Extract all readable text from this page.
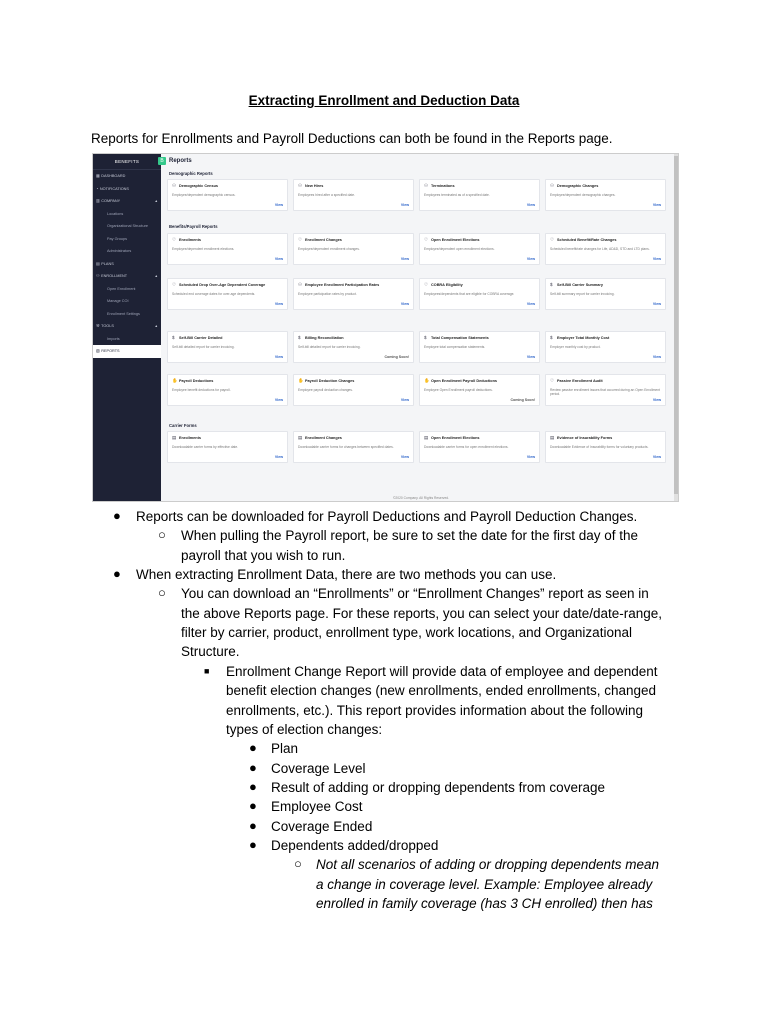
Extracting Enrollment and Deduction Data
Reports for Enrollments and Payroll Deductions can both be found in the Reports page.
BENEFITS
▦ DASHBOARD
◔ NOTIFICATIONS
▥ COMPANY	▲
Locations
Organizational Structure
Pay Groups
Administrators
▤ PLANS
⚇ ENROLLMENT	▲
Open Enrollment
Manage COI
Enrollment Settings
⚒ TOOLS	▲
Imports
▧ REPORTS
B Reports
Demographic Reports
Benefits/Payroll Reports
Carrier Forms
⚇ Demographic Census
Employee/dependent demographic census.
View
⚇ New Hires
Employees hired after a specified date.
View
⚇ Terminations
Employees terminated as of a specified date.
View
⚇ Demographic Changes
Employee/dependent demographic changes.
View
♡ Enrollments
Employee/dependent enrollment elections.
View
♡ Enrollment Changes
Employee/dependent enrollment changes.
View
♡ Open Enrollment Elections
Employee/dependent open enrollment elections.
View
♡ Scheduled Benefit/Rate Changes
Scheduled benefit/rate changes for Life, AD&D, STD and LTD plans.
View
♡ Scheduled Drop Over-Age Dependent Coverage
Scheduled end coverage dates for over-age dependents.
View
⚇ Employee Enrollment Participation Rates
Employee participation rates by product.
View
♡ COBRA Eligibility
Employees/dependents that are eligible for COBRA coverage.
View
$ Self-Bill Carrier Summary
Self-bill summary report for carrier invoicing.
View
$ Self-Bill Carrier Detailed
Self-bill detailed report for carrier invoicing.
View
$ Billing Reconciliation
Self-bill detailed report for carrier invoicing.
Coming Soon!
$ Total Compensation Statements
Employee total compensation statements.
View
$ Employer Total Monthly Cost
Employer monthly cost by product.
View
✋ Payroll Deductions
Employee benefit deductions for payroll.
View
✋ Payroll Deduction Changes
Employee payroll deduction changes.
View
✋ Open Enrollment Payroll Deductions
Employee Open Enrollment payroll deductions.
Coming Soon!
♡ Passive Enrollment Audit
Review passive enrollment issues that occurred during an Open Enrollment period.
View
▤ Enrollments
Downloadable carrier forms by effective date.
View
▤ Enrollment Changes
Downloadable carrier forms for changes between specified dates.
View
▤ Open Enrollment Elections
Downloadable carrier forms for open enrollment elections.
View
▤ Evidence of Insurability Forms
Downloadable Evidence of Insurability forms for voluntary products.
View
©2020 Company. All Rights Reserved.
● Reports can be downloaded for Payroll Deductions and Payroll Deduction Changes.
○ When pulling the Payroll report, be sure to set the date for the first day of the
payroll that you wish to run.
● When extracting Enrollment Data, there are two methods you can use.
○ You can download an “Enrollments” or “Enrollment Changes” report as seen in
the above Reports page. For these reports, you can select your date/date-range,
filter by carrier, product, enrollment type, work locations, and Organizational
Structure.
■ Enrollment Change Report will provide data of employee and dependent
benefit election changes (new enrollments, ended enrollments, changed
enrollments, etc.). This report provides information about the following
types of election changes:
● Plan
● Coverage Level
● Result of adding or dropping dependents from coverage
● Employee Cost
● Coverage Ended
● Dependents added/dropped
○ Not all scenarios of adding or dropping dependents mean
a change in coverage level. Example: Employee already
enrolled in family coverage (has 3 CH enrolled) then has
